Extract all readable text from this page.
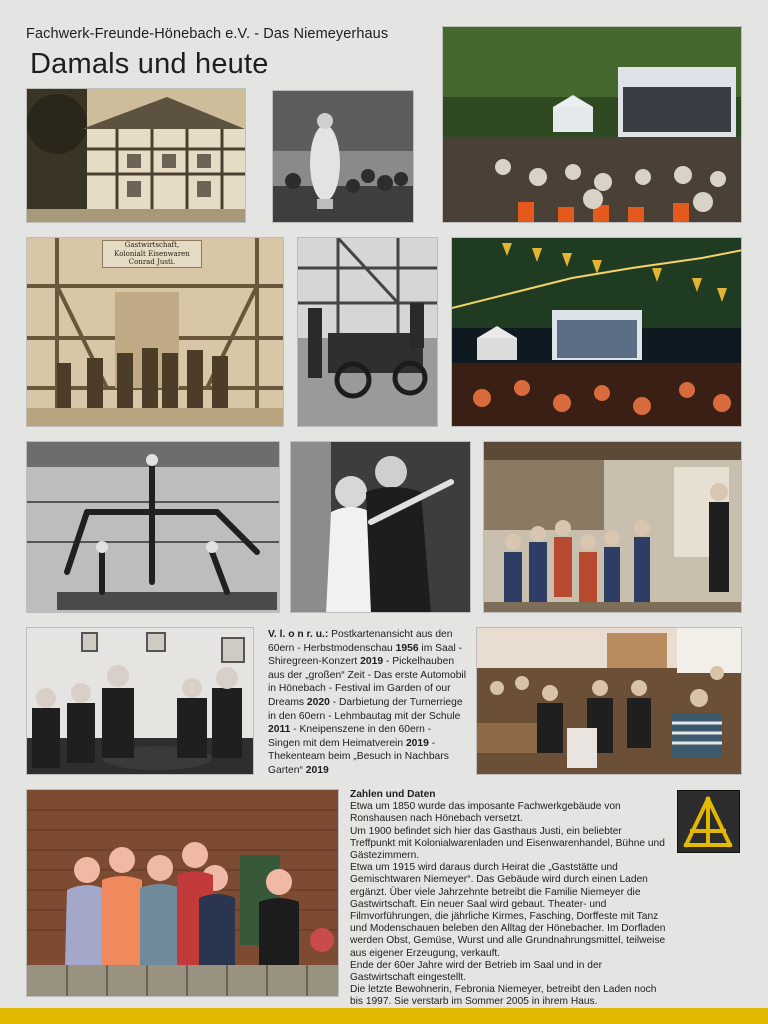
Fachwerk-Freunde-Hönebach e.V. - Das Niemeyerhaus
Damals und heute
Gastwirtschaft,
Kolonialt Eisenwaren
Conrad Justi.
V. l. o n r. u.: Postkartenansicht aus den 60ern - Herbstmodenschau 1956 im Saal - Shiregreen-Konzert 2019 - Pickelhauben aus der „großen“ Zeit - Das erste Automobil in Hönebach - Festival im Garden of our Dreams 2020 - Darbietung der Turnerriege in den 60ern - Lehmbautag mit der Schule 2011 - Kneipenszene in den 60ern - Singen mit dem Heimatverein 2019 - Thekenteam beim „Besuch in Nachbars Garten“ 2019
Zahlen und Daten

Etwa um 1850 wurde das imposante Fachwerkgebäude von Ronshausen nach Hönebach versetzt.

Um 1900 befindet sich hier das Gasthaus Justi, ein beliebter Treffpunkt mit Kolonialwarenladen und Eisenwarenhandel, Bühne und Gästezimmern.

Etwa um 1915 wird daraus durch Heirat die „Gaststätte und Gemischtwaren Niemeyer“. Das Gebäude wird durch einen Laden ergänzt. Über viele Jahrzehnte betreibt die Familie Niemeyer die Gastwirtschaft. Ein neuer Saal wird gebaut. Theater- und Filmvorführungen, die jährliche Kirmes, Fasching, Dorffeste mit Tanz und Modenschauen beleben den Alltag der Hönebacher. Im Dorfladen werden Obst, Gemüse, Wurst und alle Grundnahrungsmittel, teilweise aus eigener Erzeugung, verkauft.

Ende der 60er Jahre wird der Betrieb im Saal und in der Gastwirtschaft eingestellt.

Die letzte Bewohnerin, Febronia Niemeyer, betreibt den Laden noch bis 1997. Sie verstarb im Sommer 2005 in ihrem Haus.
